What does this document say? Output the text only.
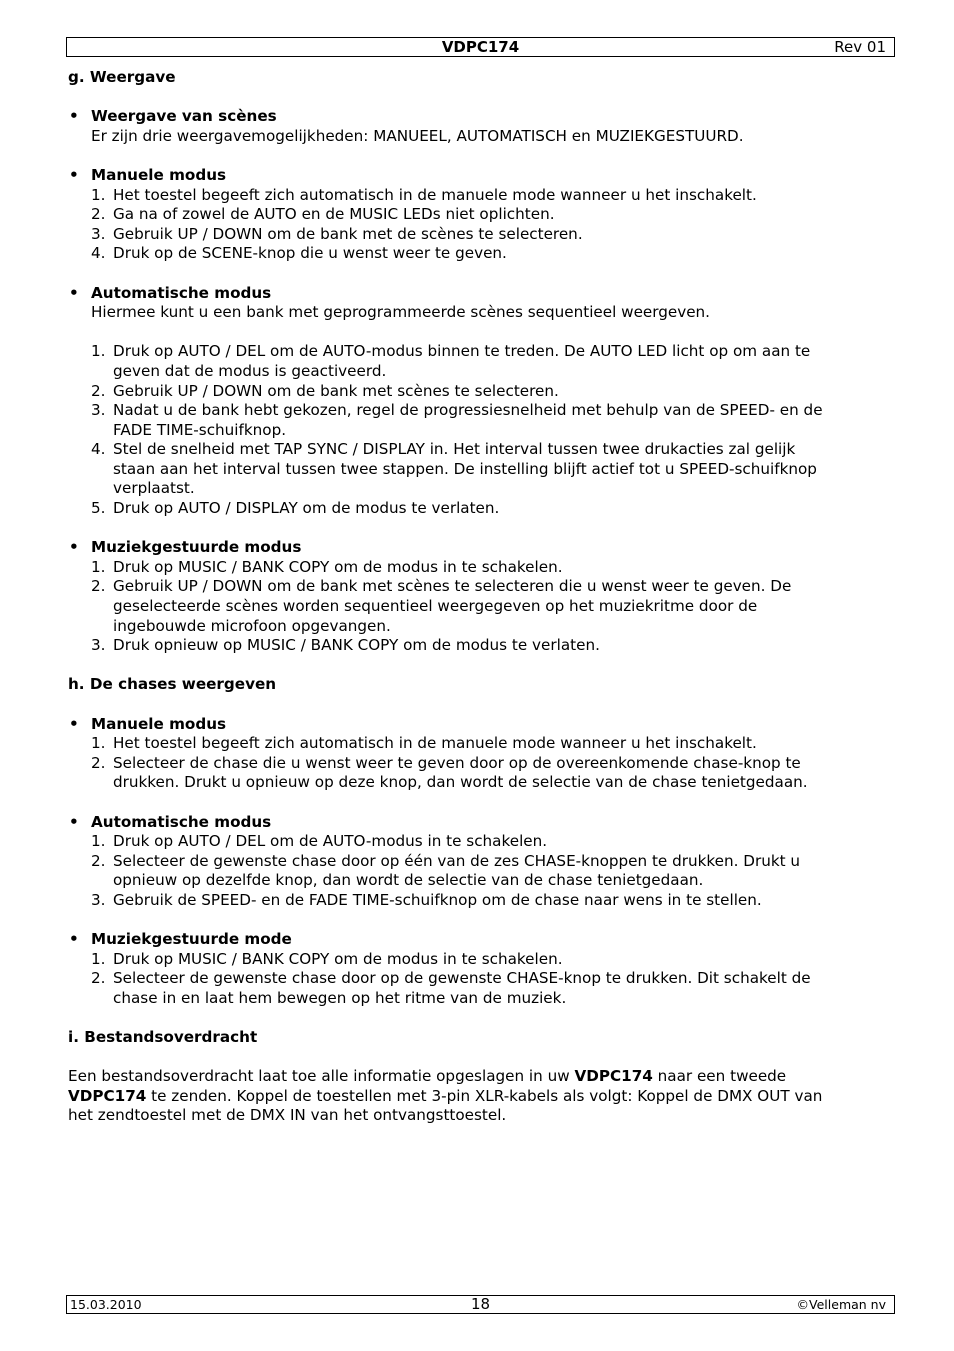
VDPC174	Rev 01
g. Weergave
• Weergave van scènes
Er zijn drie weergavemogelijkheden: MANUEEL, AUTOMATISCH en MUZIEKGESTUURD.
• Manuele modus
1. Het toestel begeeft zich automatisch in de manuele mode wanneer u het inschakelt.
2. Ga na of zowel de AUTO en de MUSIC LEDs niet oplichten.
3. Gebruik UP / DOWN om de bank met de scènes te selecteren.
4. Druk op de SCENE-knop die u wenst weer te geven.
• Automatische modus
Hiermee kunt u een bank met geprogrammeerde scènes sequentieel weergeven.
1. Druk op AUTO / DEL om de AUTO-modus binnen te treden. De AUTO LED licht op om aan te
geven dat de modus is geactiveerd.
2. Gebruik UP / DOWN om de bank met scènes te selecteren.
3. Nadat u de bank hebt gekozen, regel de progressiesnelheid met behulp van de SPEED- en de
FADE TIME-schuifknop.
4. Stel de snelheid met TAP SYNC / DISPLAY in. Het interval tussen twee drukacties zal gelijk
staan aan het interval tussen twee stappen. De instelling blijft actief tot u SPEED-schuifknop
verplaatst.
5. Druk op AUTO / DISPLAY om de modus te verlaten.
• Muziekgestuurde modus
1. Druk op MUSIC / BANK COPY om de modus in te schakelen.
2. Gebruik UP / DOWN om de bank met scènes te selecteren die u wenst weer te geven. De
geselecteerde scènes worden sequentieel weergegeven op het muziekritme door de
ingebouwde microfoon opgevangen.
3. Druk opnieuw op MUSIC / BANK COPY om de modus te verlaten.
h. De chases weergeven
• Manuele modus
1. Het toestel begeeft zich automatisch in de manuele mode wanneer u het inschakelt.
2. Selecteer de chase die u wenst weer te geven door op de overeenkomende chase-knop te
drukken. Drukt u opnieuw op deze knop, dan wordt de selectie van de chase tenietgedaan.
• Automatische modus
1. Druk op AUTO / DEL om de AUTO-modus in te schakelen.
2. Selecteer de gewenste chase door op één van de zes CHASE-knoppen te drukken. Drukt u
opnieuw op dezelfde knop, dan wordt de selectie van de chase tenietgedaan.
3. Gebruik de SPEED- en de FADE TIME-schuifknop om de chase naar wens in te stellen.
• Muziekgestuurde mode
1. Druk op MUSIC / BANK COPY om de modus in te schakelen.
2. Selecteer de gewenste chase door op de gewenste CHASE-knop te drukken. Dit schakelt de
chase in en laat hem bewegen op het ritme van de muziek.
i. Bestandsoverdracht
Een bestandsoverdracht laat toe alle informatie opgeslagen in uw VDPC174 naar een tweede
VDPC174 te zenden. Koppel de toestellen met 3-pin XLR-kabels als volgt: Koppel de DMX OUT van
het zendtoestel met de DMX IN van het ontvangsttoestel.
15.03.2010	18	©Velleman nv
